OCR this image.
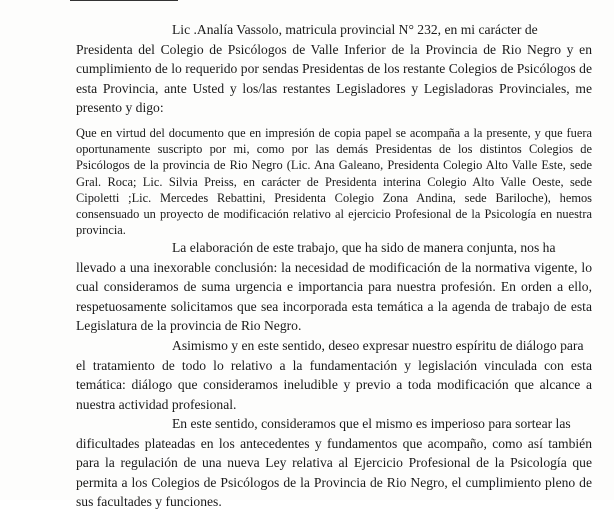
Lic .Analía Vassolo, matricula provincial N° 232, en mi carácter de
Presidenta del Colegio de Psicólogos de Valle Inferior de la Provincia de Rio Negro y en cumplimiento de lo requerido por sendas Presidentas de los restante Colegios de Psicólogos de esta Provincia, ante Usted y los/las restantes Legisladores y Legisladoras Provinciales, me presento y digo:

Que en virtud del documento que en impresión de copia papel se acompaña a la presente, y que fuera oportunamente suscripto por mi, como por las demás Presidentas de los distintos Colegios de Psicólogos de la provincia de Rio Negro (Lic. Ana Galeano, Presidenta Colegio Alto Valle Este, sede Gral. Roca; Lic. Silvia Preiss, en carácter de Presidenta interina Colegio Alto Valle Oeste, sede Cipoletti ;Lic. Mercedes Rebattini, Presidenta Colegio Zona Andina, sede Bariloche), hemos consensuado un proyecto de modificación relativo al ejercicio Profesional de la Psicología en nuestra provincia.

La elaboración de este trabajo, que ha sido de manera conjunta, nos ha
llevado a una inexorable conclusión: la necesidad de modificación de la normativa vigente, lo cual consideramos de suma urgencia e importancia para nuestra profesión. En orden a ello, respetuosamente solicitamos que sea incorporada esta temática a la agenda de trabajo de esta Legislatura de la provincia de Rio Negro.

Asimismo y en este sentido, deseo expresar nuestro espíritu de diálogo para
el tratamiento de todo lo relativo a la fundamentación y legislación vinculada con esta temática: diálogo que consideramos ineludible y previo a toda modificación que alcance a nuestra actividad profesional.

En este sentido, consideramos que el mismo es imperioso para sortear las
dificultades plateadas en los antecedentes y fundamentos que acompaño, como así también para la regulación de una nueva Ley relativa al Ejercicio Profesional de la Psicología que permita a los Colegios de Psicólogos de la Provincia de Rio Negro, el cumplimiento pleno de sus facultades y funciones.
